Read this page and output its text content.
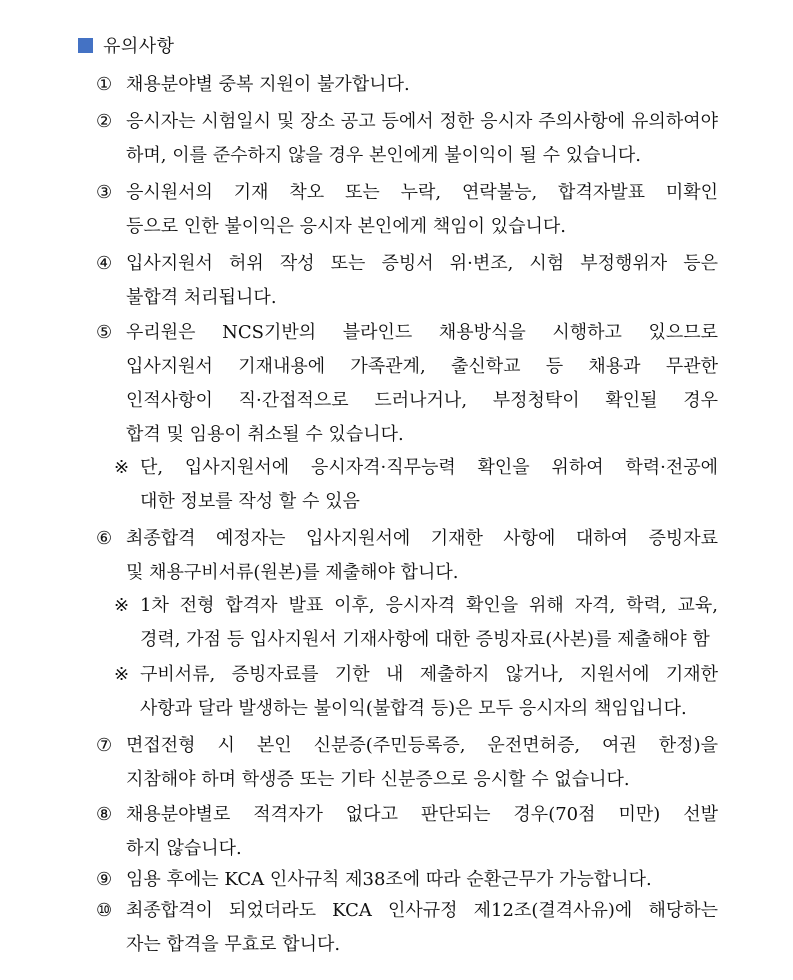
유의사항
① 채용분야별 중복 지원이 불가합니다.
② 응시자는 시험일시 및 장소 공고 등에서 정한 응시자 주의사항에 유의하여야
하며, 이를 준수하지 않을 경우 본인에게 불이익이 될 수 있습니다.
③ 응시원서의 기재 착오 또는 누락, 연락불능, 합격자발표 미확인
등으로 인한 불이익은 응시자 본인에게 책임이 있습니다.
④ 입사지원서 허위 작성 또는 증빙서 위·변조, 시험 부정행위자 등은
불합격 처리됩니다.
⑤ 우리원은 NCS기반의 블라인드 채용방식을 시행하고 있으므로
입사지원서 기재내용에 가족관계, 출신학교 등 채용과 무관한
인적사항이 직·간접적으로 드러나거나, 부정청탁이 확인될 경우
합격 및 임용이 취소될 수 있습니다.
※ 단, 입사지원서에 응시자격·직무능력 확인을 위하여 학력·전공에
대한 정보를 작성 할 수 있음
⑥ 최종합격 예정자는 입사지원서에 기재한 사항에 대하여 증빙자료
및 채용구비서류(원본)를 제출해야 합니다.
※ 1차 전형 합격자 발표 이후, 응시자격 확인을 위해 자격, 학력, 교육,
경력, 가점 등 입사지원서 기재사항에 대한 증빙자료(사본)를 제출해야 함
※ 구비서류, 증빙자료를 기한 내 제출하지 않거나, 지원서에 기재한
사항과 달라 발생하는 불이익(불합격 등)은 모두 응시자의 책임입니다.
⑦ 면접전형 시 본인 신분증(주민등록증, 운전면허증, 여권 한정)을
지참해야 하며 학생증 또는 기타 신분증으로 응시할 수 없습니다.
⑧ 채용분야별로 적격자가 없다고 판단되는 경우(70점 미만) 선발
하지 않습니다.
⑨ 임용 후에는 KCA 인사규칙 제38조에 따라 순환근무가 가능합니다.
⑩ 최종합격이 되었더라도 KCA 인사규정 제12조(결격사유)에 해당하는
자는 합격을 무효로 합니다.
